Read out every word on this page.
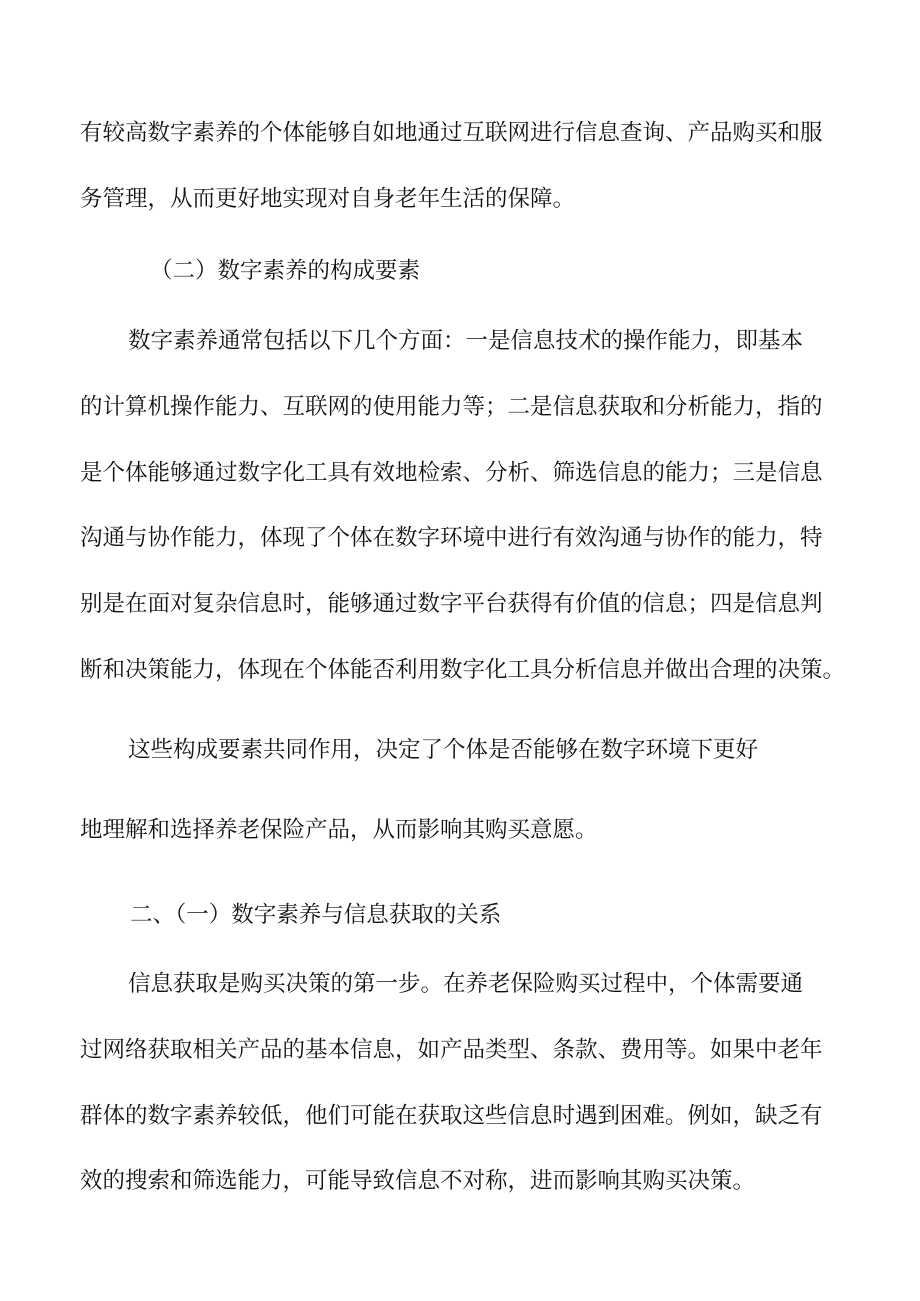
有较高数字素养的个体能够自如地通过互联网进行信息查询、产品购买和服

务管理，从而更好地实现对自身老年生活的保障。

（二）数字素养的构成要素

数字素养通常包括以下几个方面：一是信息技术的操作能力，即基本

的计算机操作能力、互联网的使用能力等；二是信息获取和分析能力，指的

是个体能够通过数字化工具有效地检索、分析、筛选信息的能力；三是信息

沟通与协作能力，体现了个体在数字环境中进行有效沟通与协作的能力，特

别是在面对复杂信息时，能够通过数字平台获得有价值的信息；四是信息判

断和决策能力，体现在个体能否利用数字化工具分析信息并做出合理的决策。

这些构成要素共同作用，决定了个体是否能够在数字环境下更好

地理解和选择养老保险产品，从而影响其购买意愿。

二、（一）数字素养与信息获取的关系

信息获取是购买决策的第一步。在养老保险购买过程中，个体需要通

过网络获取相关产品的基本信息，如产品类型、条款、费用等。如果中老年

群体的数字素养较低，他们可能在获取这些信息时遇到困难。例如，缺乏有

效的搜索和筛选能力，可能导致信息不对称，进而影响其购买决策。
